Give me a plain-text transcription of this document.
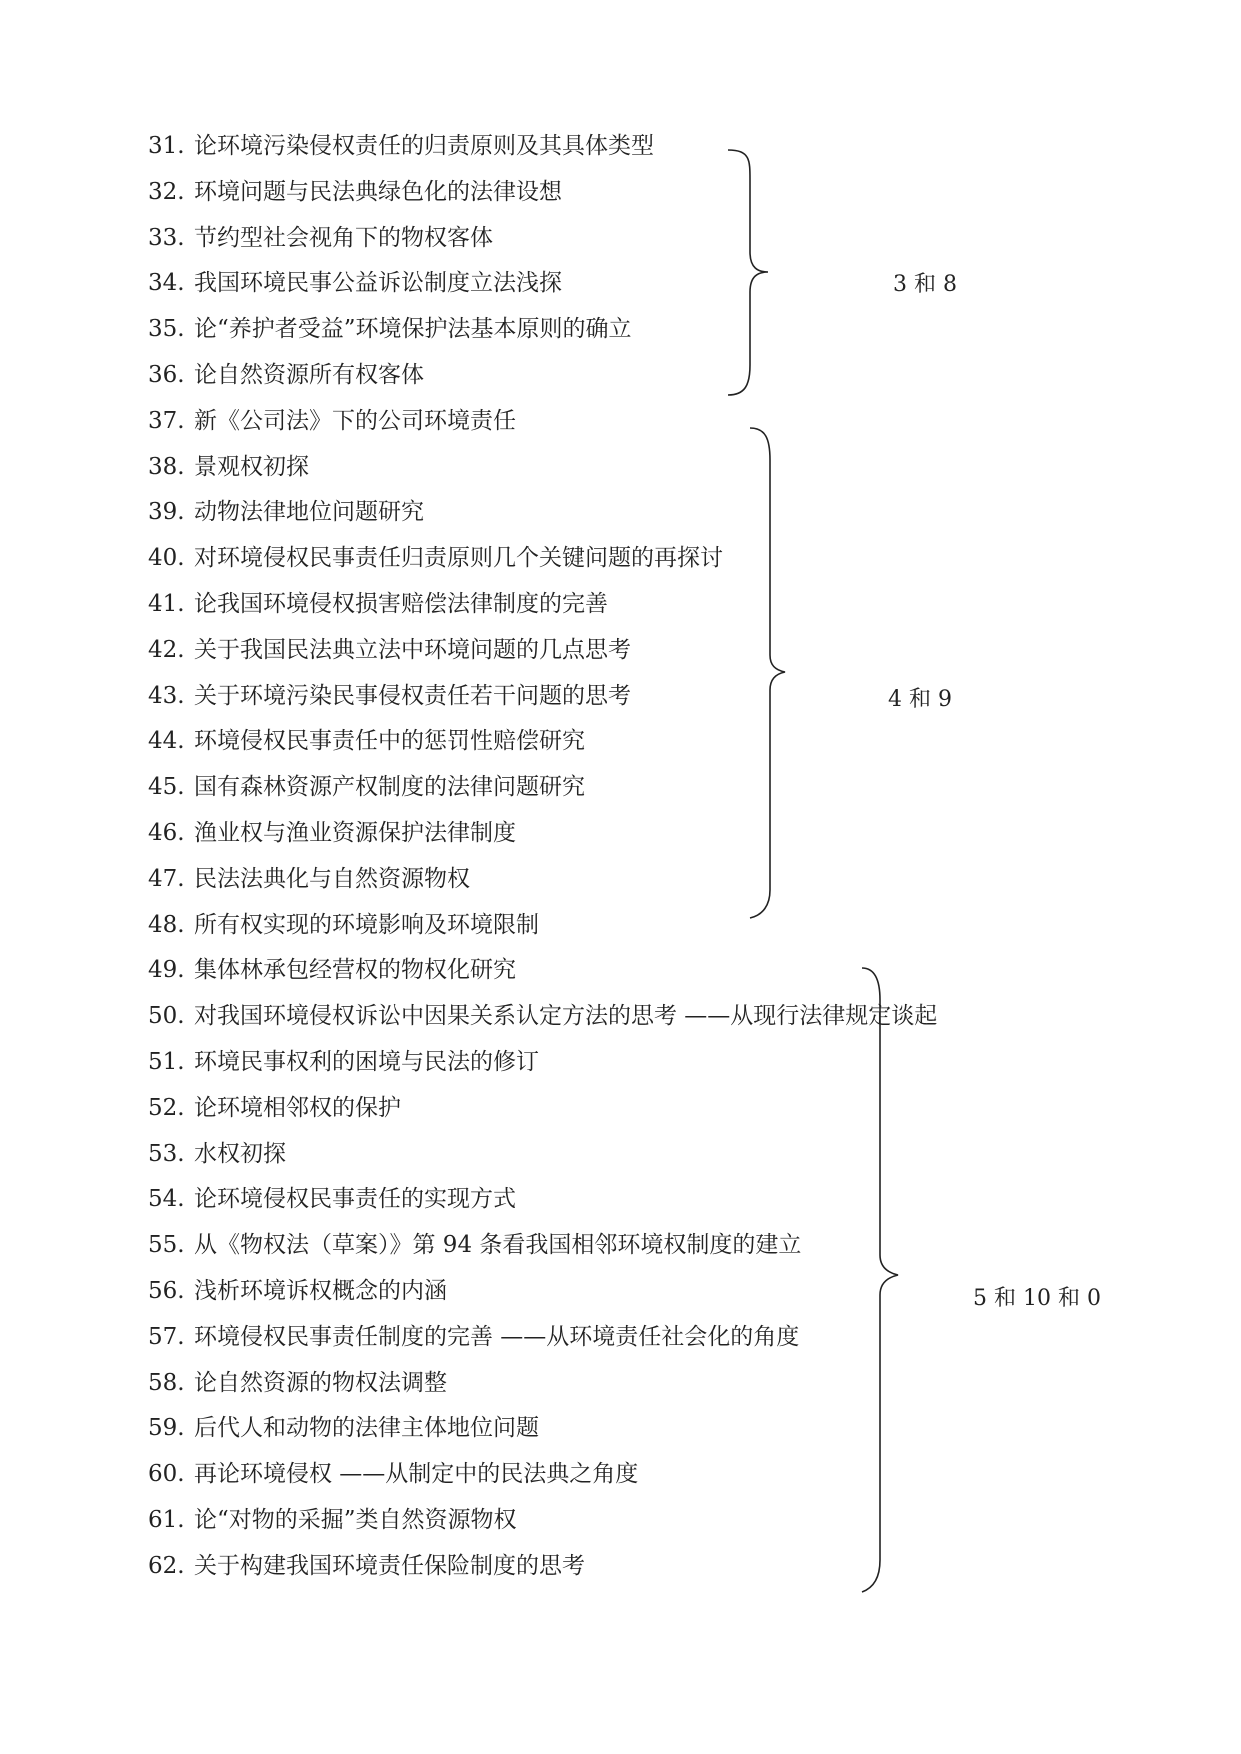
31. 论环境污染侵权责任的归责原则及其具体类型
32. 环境问题与民法典绿色化的法律设想
33. 节约型社会视角下的物权客体
34. 我国环境民事公益诉讼制度立法浅探
35. 论“养护者受益”环境保护法基本原则的确立
36. 论自然资源所有权客体
37. 新《公司法》下的公司环境责任
38. 景观权初探
39. 动物法律地位问题研究
40. 对环境侵权民事责任归责原则几个关键问题的再探讨
41. 论我国环境侵权损害赔偿法律制度的完善
42. 关于我国民法典立法中环境问题的几点思考
43. 关于环境污染民事侵权责任若干问题的思考
44. 环境侵权民事责任中的惩罚性赔偿研究
45. 国有森林资源产权制度的法律问题研究
46. 渔业权与渔业资源保护法律制度
47. 民法法典化与自然资源物权
48. 所有权实现的环境影响及环境限制
49. 集体林承包经营权的物权化研究
50. 对我国环境侵权诉讼中因果关系认定方法的思考 ——从现行法律规定谈起
51. 环境民事权利的困境与民法的修订
52. 论环境相邻权的保护
53. 水权初探
54. 论环境侵权民事责任的实现方式
55. 从《物权法（草案）》第 94 条看我国相邻环境权制度的建立
56. 浅析环境诉权概念的内涵
57. 环境侵权民事责任制度的完善 ——从环境责任社会化的角度
58. 论自然资源的物权法调整
59. 后代人和动物的法律主体地位问题
60. 再论环境侵权 ——从制定中的民法典之角度
61. 论“对物的采掘”类自然资源物权
62. 关于构建我国环境责任保险制度的思考
3 和 8
4 和 9
5 和 10 和 0
